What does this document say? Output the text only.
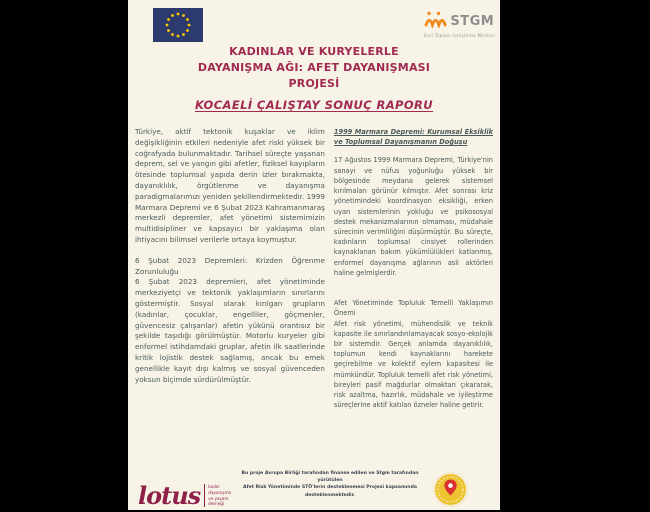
STGM
Sivil Toplum Geliştirme Merkezi
KADINLAR VE KURYELERLE
DAYANIŞMA AĞI: AFET DAYANIŞMASI
PROJESİ
KOCAELİ ÇALIŞTAY SONUÇ RAPORU

Türkiye, aktif tektonik kuşaklar ve iklim değişikliğinin etkileri nedeniyle afet riski yüksek bir coğrafyada bulunmaktadır. Tarihsel süreçte yaşanan deprem, sel ve yangın gibi afetler, fiziksel kayıpların ötesinde toplumsal yapıda derin izler bırakmakta, dayanıklılık, örgütlenme ve dayanışma paradigmalarımızı yeniden şekillendirmektedir. 1999 Marmara Depremi ve 6 Şubat 2023 Kahramanmaraş merkezli depremler, afet yönetimi sistemimizin multidisipliner ve kapsayıcı bir yaklaşıma olan ihtiyacını bilimsel verilerle ortaya koymuştur.

6 Şubat 2023 Depremleri: Krizden Öğrenme Zorunluluğu

6 Şubat 2023 depremleri, afet yönetiminde merkeziyetçi ve tektonik yaklaşımların sınırlarını göstermiştir. Sosyal olarak kırılgan grupların (kadınlar, çocuklar, engelliler, göçmenler, güvencesiz çalışanlar) afetin yükünü orantısız bir şekilde taşıdığı görülmüştür. Motorlu kuryeler gibi enformel istihdamdaki gruplar, afetin ilk saatlerinde kritik lojistik destek sağlamış, ancak bu emek genellikle kayıt dışı kalmış ve sosyal güvenceden yoksun biçimde sürdürülmüştür.

1999 Marmara Depremi: Kurumsal Eksiklik ve Toplumsal Dayanışmanın Doğuşu

17 Ağustos 1999 Marmara Depremi, Türkiye'nin sanayi ve nüfus yoğunluğu yüksek bir bölgesinde meydana gelerek sistemsel kırılmaları görünür kılmıştır. Afet sonrası kriz yönetimindeki koordinasyon eksikliği, erken uyarı sistemlerinin yokluğu ve psikososyal destek mekanizmalarının olmaması, müdahale sürecinin verimliliğini düşürmüştür. Bu süreçte, kadınların toplumsal cinsiyet rollerinden kaynaklanan bakım yükümlülükleri katlanmış, enformel dayanışma ağlarının asli aktörleri haline gelmişlerdir.

Afet Yönetiminde Topluluk Temelli Yaklaşımın Önemi

Afet risk yönetimi, mühendislik ve teknik kapasite ile sınırlandırılamayacak sosyo-ekolojik bir sistemdir. Gerçek anlamda dayanıklılık, toplumun kendi kaynaklarını harekete geçirebilme ve kolektif eylem kapasitesi ile mümkündür. Topluluk temelli afet risk yönetimi, bireyleri pasif mağdurlar olmaktan çıkararak, risk azaltma, hazırlık, müdahale ve iyileştirme süreçlerine aktif katılan özneler haline getirir.

lotus kadın
dayanışma
ve yaşam
derneği
Bu proje Avrupa Birliği tarafından finanse edilen ve Stgm tarafından yürütülen
Afet Risk Yönetiminde STÖ'lerin desteklenmesi Projesi kapsamında
desteklenmektedir.
